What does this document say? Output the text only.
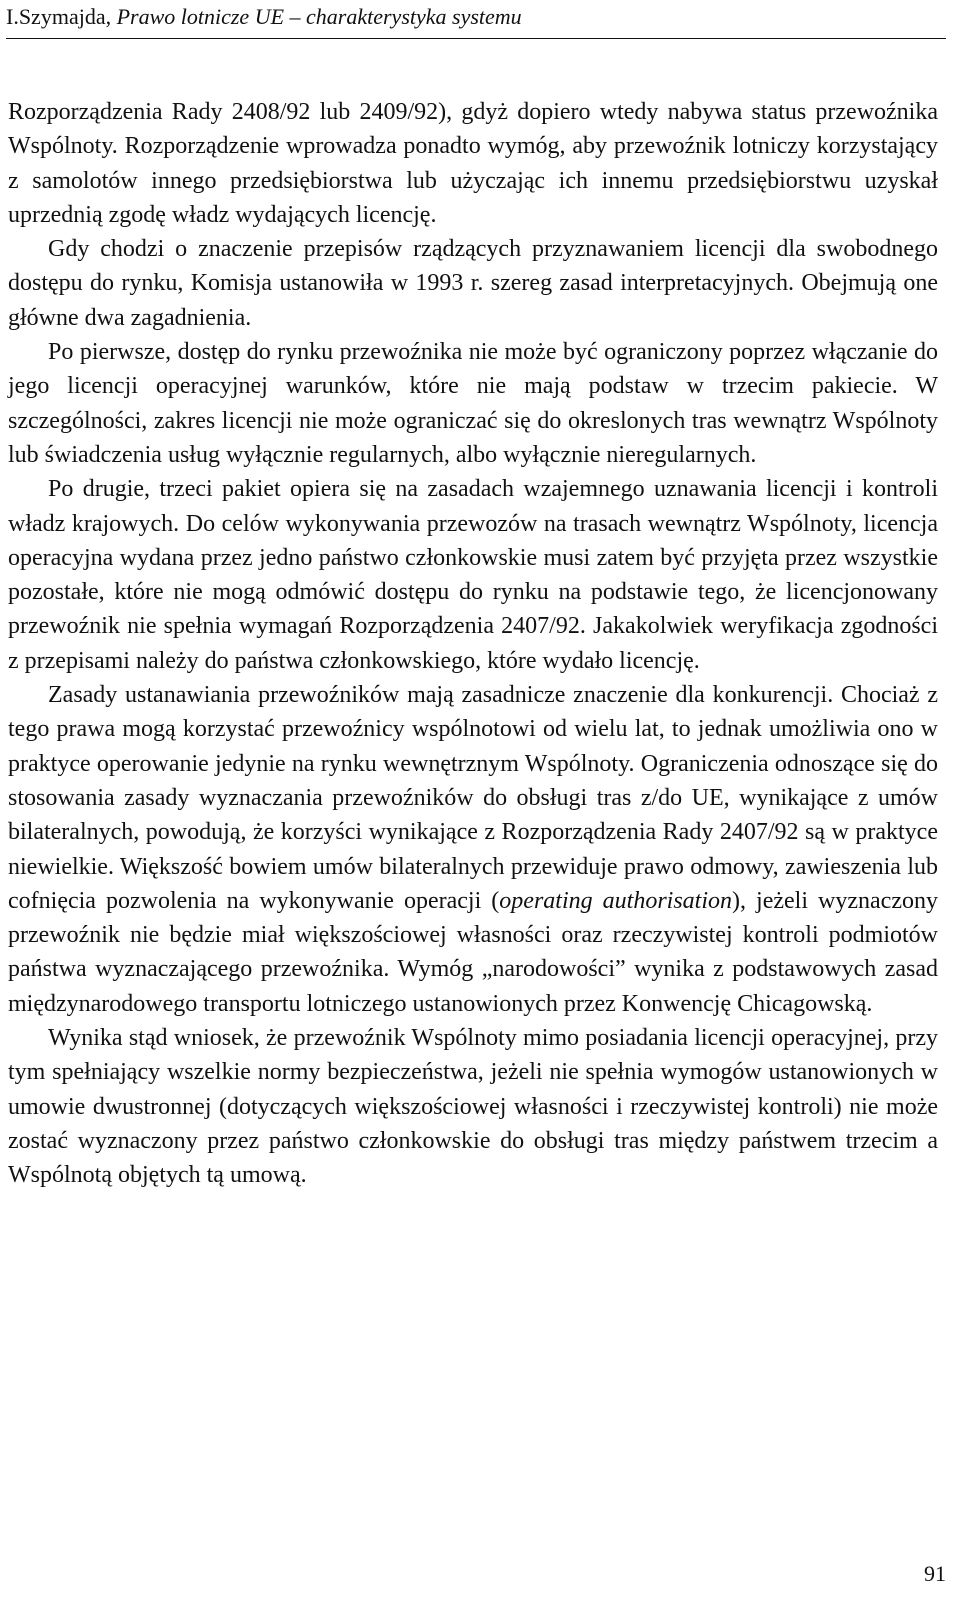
I.Szymajda, Prawo lotnicze UE – charakterystyka systemu

Rozporządzenia Rady 2408/92 lub 2409/92), gdyż dopiero wtedy nabywa status przewoźnika Wspólnoty. Rozporządzenie wprowadza ponadto wymóg, aby przewoźnik lotniczy korzystający z samolotów innego przedsiębiorstwa lub użyczając ich innemu przedsiębiorstwu uzyskał uprzednią zgodę władz wydających licencję.

Gdy chodzi o znaczenie przepisów rządzących przyznawaniem licencji dla swobodnego dostępu do rynku, Komisja ustanowiła w 1993 r. szereg zasad interpretacyjnych. Obejmują one główne dwa zagadnienia.

Po pierwsze, dostęp do rynku przewoźnika nie może być ograniczony poprzez włączanie do jego licencji operacyjnej warunków, które nie mają podstaw w trzecim pakiecie. W szczególności, zakres licencji nie może ograniczać się do okreslonych tras wewnątrz Wspólnoty lub świadczenia usług wyłącznie regularnych, albo wyłącznie nieregularnych.

Po drugie, trzeci pakiet opiera się na zasadach wzajemnego uznawania licencji i kontroli władz krajowych. Do celów wykonywania przewozów na trasach wewnątrz Wspólnoty, licencja operacyjna wydana przez jedno państwo członkowskie musi zatem być przyjęta przez wszystkie pozostałe, które nie mogą odmówić dostępu do rynku na podstawie tego, że licencjonowany przewoźnik nie spełnia wymagań Rozporządzenia 2407/92. Jakakolwiek weryfikacja zgodności z przepisami należy do państwa członkowskiego, które wydało licencję.

Zasady ustanawiania przewoźników mają zasadnicze znaczenie dla konkurencji. Chociaż z tego prawa mogą korzystać przewoźnicy wspólnotowi od wielu lat, to jednak umożliwia ono w praktyce operowanie jedynie na rynku wewnętrznym Wspólnoty. Ograniczenia odnoszące się do stosowania zasady wyznaczania przewoźników do obsługi tras z/do UE, wynikające z umów bilateralnych, powodują, że korzyści wynikające z Rozporządzenia Rady 2407/92 są w praktyce niewielkie. Większość bowiem umów bilateralnych przewiduje prawo odmowy, zawieszenia lub cofnięcia pozwolenia na wykonywanie operacji (operating authorisation), jeżeli wyznaczony przewoźnik nie będzie miał większościowej własności oraz rzeczywistej kontroli podmiotów państwa wyznaczającego przewoźnika. Wymóg „narodowości” wynika z podstawowych zasad międzynarodowego transportu lotniczego ustanowionych przez Konwencję Chicagowską.

Wynika stąd wniosek, że przewoźnik Wspólnoty mimo posiadania licencji operacyjnej, przy tym spełniający wszelkie normy bezpieczeństwa, jeżeli nie spełnia wymogów ustanowionych w umowie dwustronnej (dotyczących większościowej własności i rzeczywistej kontroli) nie może zostać wyznaczony przez państwo członkowskie do obsługi tras między państwem trzecim a Wspólnotą objętych tą umową.

91
